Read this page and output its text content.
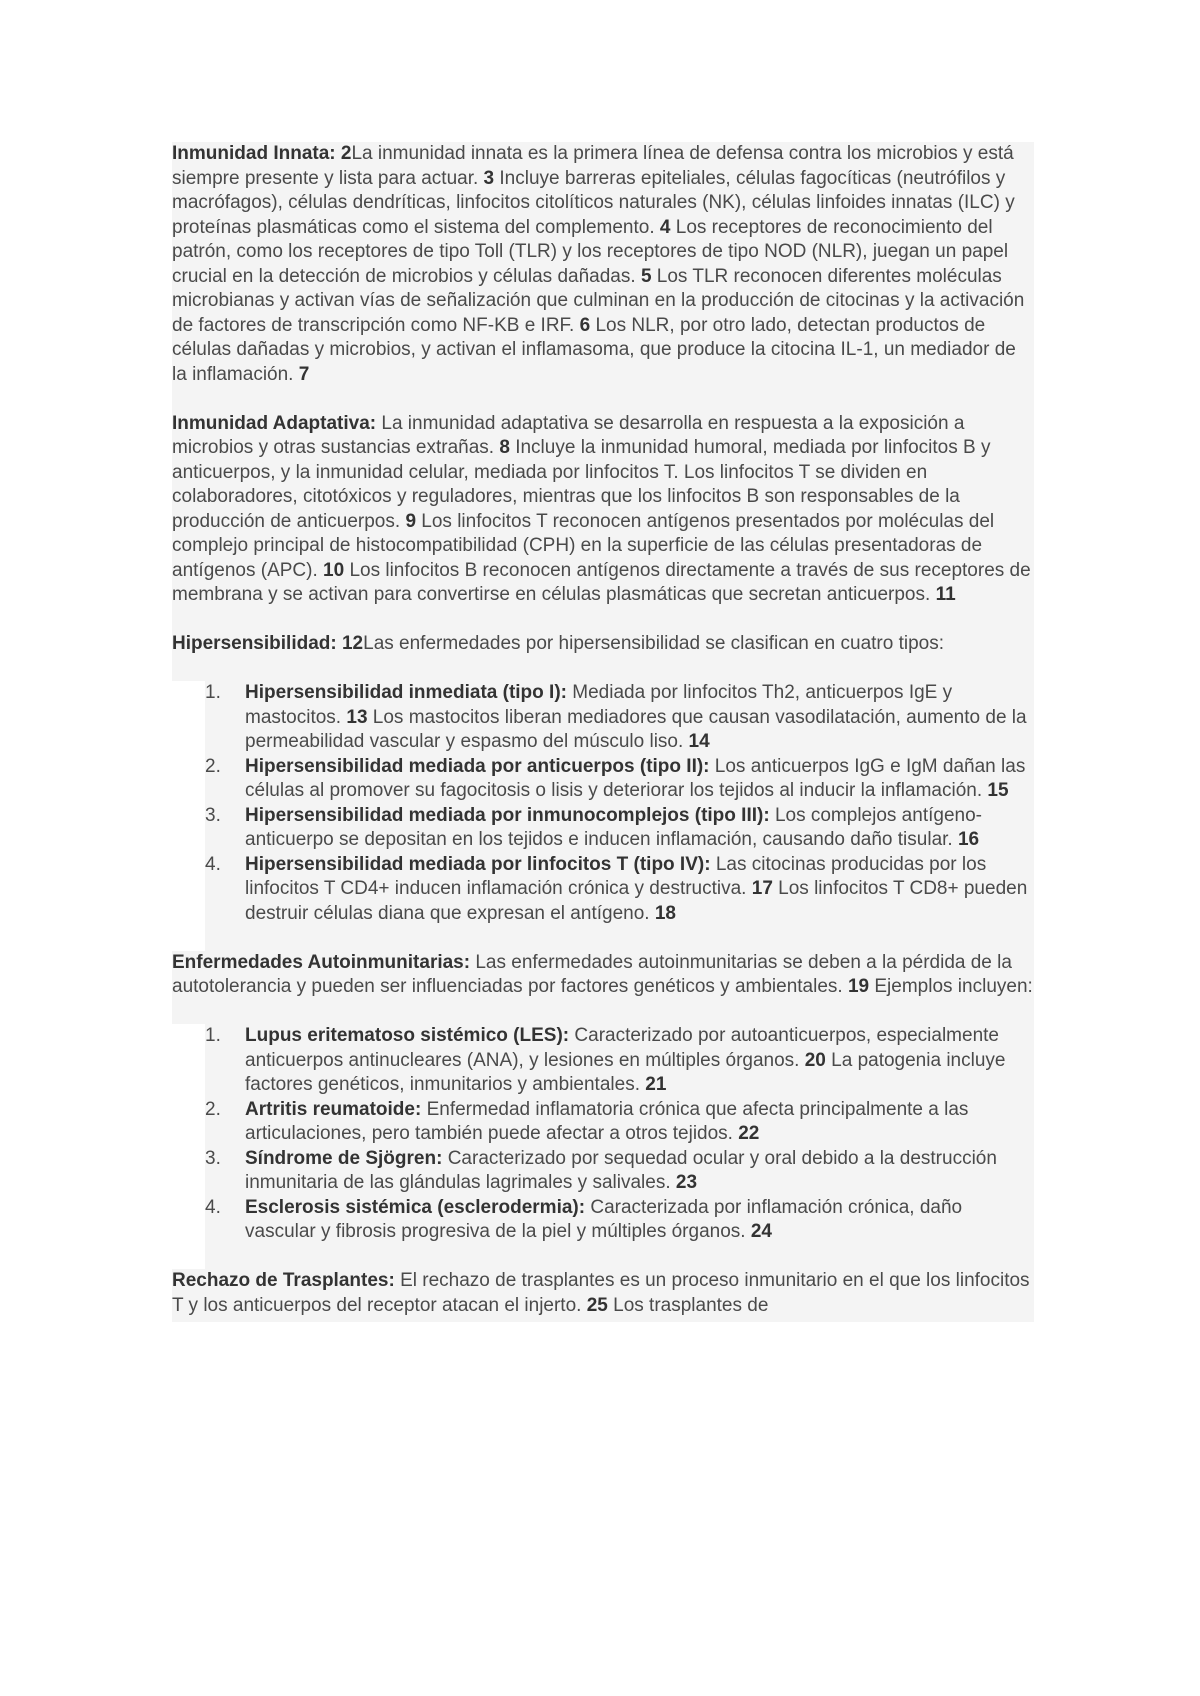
Inmunidad Innata: 2La inmunidad innata es la primera línea de defensa contra los microbios y está siempre presente y lista para actuar. 3 Incluye barreras epiteliales, células fagocíticas (neutrófilos y macrófagos), células dendríticas, linfocitos citolíticos naturales (NK), células linfoides innatas (ILC) y proteínas plasmáticas como el sistema del complemento. 4 Los receptores de reconocimiento del patrón, como los receptores de tipo Toll (TLR) y los receptores de tipo NOD (NLR), juegan un papel crucial en la detección de microbios y células dañadas. 5 Los TLR reconocen diferentes moléculas microbianas y activan vías de señalización que culminan en la producción de citocinas y la activación de factores de transcripción como NF-KB e IRF. 6 Los NLR, por otro lado, detectan productos de células dañadas y microbios, y activan el inflamasoma, que produce la citocina IL-1, un mediador de la inflamación. 7

Inmunidad Adaptativa: La inmunidad adaptativa se desarrolla en respuesta a la exposición a microbios y otras sustancias extrañas. 8 Incluye la inmunidad humoral, mediada por linfocitos B y anticuerpos, y la inmunidad celular, mediada por linfocitos T. Los linfocitos T se dividen en colaboradores, citotóxicos y reguladores, mientras que los linfocitos B son responsables de la producción de anticuerpos. 9 Los linfocitos T reconocen antígenos presentados por moléculas del complejo principal de histocompatibilidad (CPH) en la superficie de las células presentadoras de antígenos (APC). 10 Los linfocitos B reconocen antígenos directamente a través de sus receptores de membrana y se activan para convertirse en células plasmáticas que secretan anticuerpos. 11

Hipersensibilidad: 12Las enfermedades por hipersensibilidad se clasifican en cuatro tipos:

1. Hipersensibilidad inmediata (tipo I): Mediada por linfocitos Th2, anticuerpos IgE y mastocitos. 13 Los mastocitos liberan mediadores que causan vasodilatación, aumento de la permeabilidad vascular y espasmo del músculo liso. 14
2. Hipersensibilidad mediada por anticuerpos (tipo II): Los anticuerpos IgG e IgM dañan las células al promover su fagocitosis o lisis y deteriorar los tejidos al inducir la inflamación. 15
3. Hipersensibilidad mediada por inmunocomplejos (tipo III): Los complejos antígeno-anticuerpo se depositan en los tejidos e inducen inflamación, causando daño tisular. 16
4. Hipersensibilidad mediada por linfocitos T (tipo IV): Las citocinas producidas por los linfocitos T CD4+ inducen inflamación crónica y destructiva. 17 Los linfocitos T CD8+ pueden destruir células diana que expresan el antígeno. 18

Enfermedades Autoinmunitarias: Las enfermedades autoinmunitarias se deben a la pérdida de la autotolerancia y pueden ser influenciadas por factores genéticos y ambientales. 19 Ejemplos incluyen:

1. Lupus eritematoso sistémico (LES): Caracterizado por autoanticuerpos, especialmente anticuerpos antinucleares (ANA), y lesiones en múltiples órganos. 20 La patogenia incluye factores genéticos, inmunitarios y ambientales. 21
2. Artritis reumatoide: Enfermedad inflamatoria crónica que afecta principalmente a las articulaciones, pero también puede afectar a otros tejidos. 22
3. Síndrome de Sjögren: Caracterizado por sequedad ocular y oral debido a la destrucción inmunitaria de las glándulas lagrimales y salivales. 23
4. Esclerosis sistémica (esclerodermia): Caracterizada por inflamación crónica, daño vascular y fibrosis progresiva de la piel y múltiples órganos. 24

Rechazo de Trasplantes: El rechazo de trasplantes es un proceso inmunitario en el que los linfocitos T y los anticuerpos del receptor atacan el injerto. 25 Los trasplantes de
